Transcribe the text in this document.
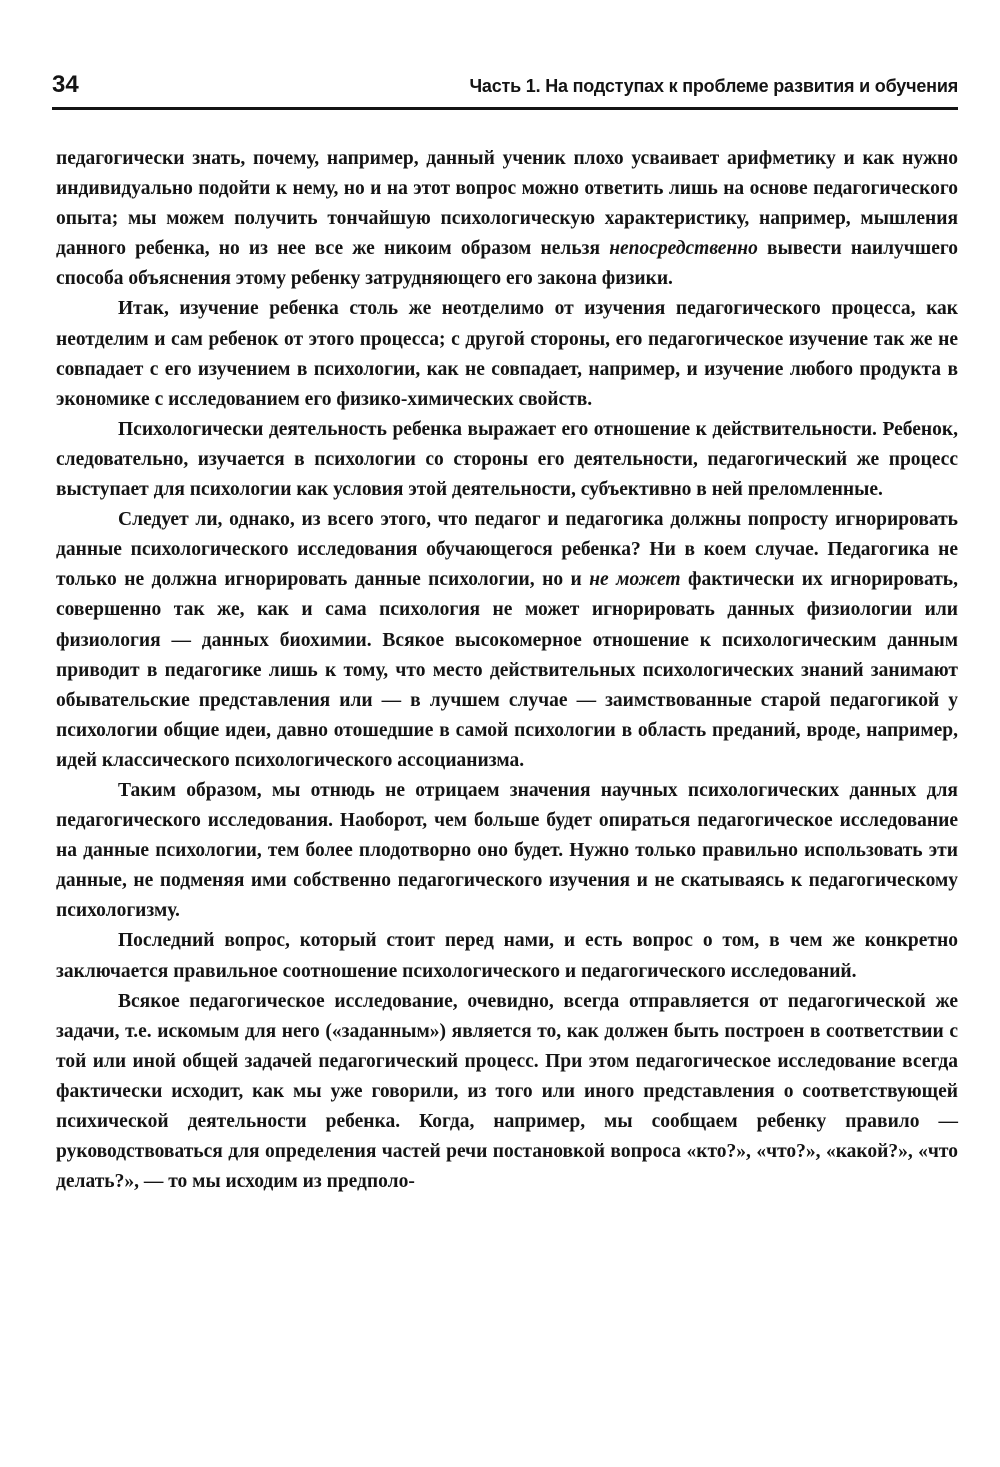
34	Часть 1. На подступах к проблеме развития и обучения

педагогически знать, почему, например, данный ученик плохо усваивает арифметику и как нужно индивидуально подойти к нему, но и на этот вопрос можно ответить лишь на основе педагогического опыта; мы можем получить тончайшую психологическую характеристику, например, мышления данного ребенка, но из нее все же никоим образом нельзя непосредственно вывести наилучшего способа объяснения этому ребенку затрудняющего его закона физики.

Итак, изучение ребенка столь же неотделимо от изучения педагогического процесса, как неотделим и сам ребенок от этого процесса; с другой стороны, его педагогическое изучение так же не совпадает с его изучением в психологии, как не совпадает, например, и изучение любого продукта в экономике с исследованием его физико-химических свойств.

Психологически деятельность ребенка выражает его отношение к действительности. Ребенок, следовательно, изучается в психологии со стороны его деятельности, педагогический же процесс выступает для психологии как условия этой деятельности, субъективно в ней преломленные.

Следует ли, однако, из всего этого, что педагог и педагогика должны попросту игнорировать данные психологического исследования обучающегося ребенка? Ни в коем случае. Педагогика не только не должна игнорировать данные психологии, но и не может фактически их игнорировать, совершенно так же, как и сама психология не может игнорировать данных физиологии или физиология — данных биохимии. Всякое высокомерное отношение к психологическим данным приводит в педагогике лишь к тому, что место действительных психологических знаний занимают обывательские представления или — в лучшем случае — заимствованные старой педагогикой у психологии общие идеи, давно отошедшие в самой психологии в область преданий, вроде, например, идей классического психологического ассоцианизма.

Таким образом, мы отнюдь не отрицаем значения научных психологических данных для педагогического исследования. Наоборот, чем больше будет опираться педагогическое исследование на данные психологии, тем более плодотворно оно будет. Нужно только правильно использовать эти данные, не подменяя ими собственно педагогического изучения и не скатываясь к педагогическому психологизму.

Последний вопрос, который стоит перед нами, и есть вопрос о том, в чем же конкретно заключается правильное соотношение психологического и педагогического исследований.

Всякое педагогическое исследование, очевидно, всегда отправляется от педагогической же задачи, т.е. искомым для него («заданным») является то, как должен быть построен в соответствии с той или иной общей задачей педагогический процесс. При этом педагогическое исследование всегда фактически исходит, как мы уже говорили, из того или иного представления о соответствующей психической деятельности ребенка. Когда, например, мы сообщаем ребенку правило — руководствоваться для определения частей речи постановкой вопроса «кто?», «что?», «какой?», «что делать?», — то мы исходим из предполо-
